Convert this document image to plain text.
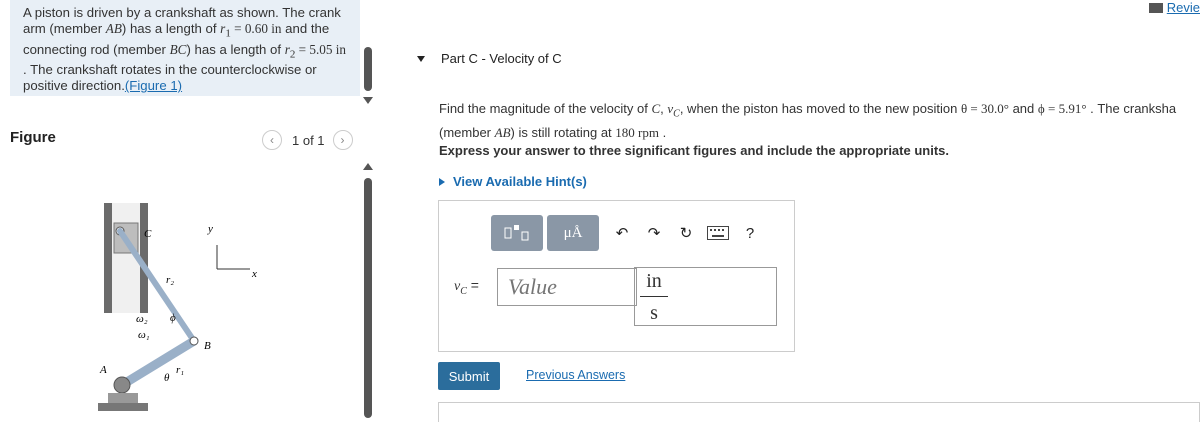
A piston is driven by a crankshaft as shown. The crank arm (member AB) has a length of $r_1 = 0.60$ in and the connecting rod (member BC) has a length of $r_2 = 5.05$ in . The crankshaft rotates in the counterclockwise or positive direction.(Figure 1)
Figure	‹	1 of 1	›
C	y
x
r₂
ω₂ ϕ
ω₁
B
r₁
θ
A
Revie
Part C - Velocity of C
Find the magnitude of the velocity of C, $v_C$, when the piston has moved to the new position θ = 30.0° and ϕ = 5.91° . The cranksha
(member AB) is still rotating at 180 rpm .
Express your answer to three significant figures and include the appropriate units.
View Available Hint(s)
μÅ	↶	↷	↻	?
$v_C$ =
Value	in
s
Submit	Previous Answers
